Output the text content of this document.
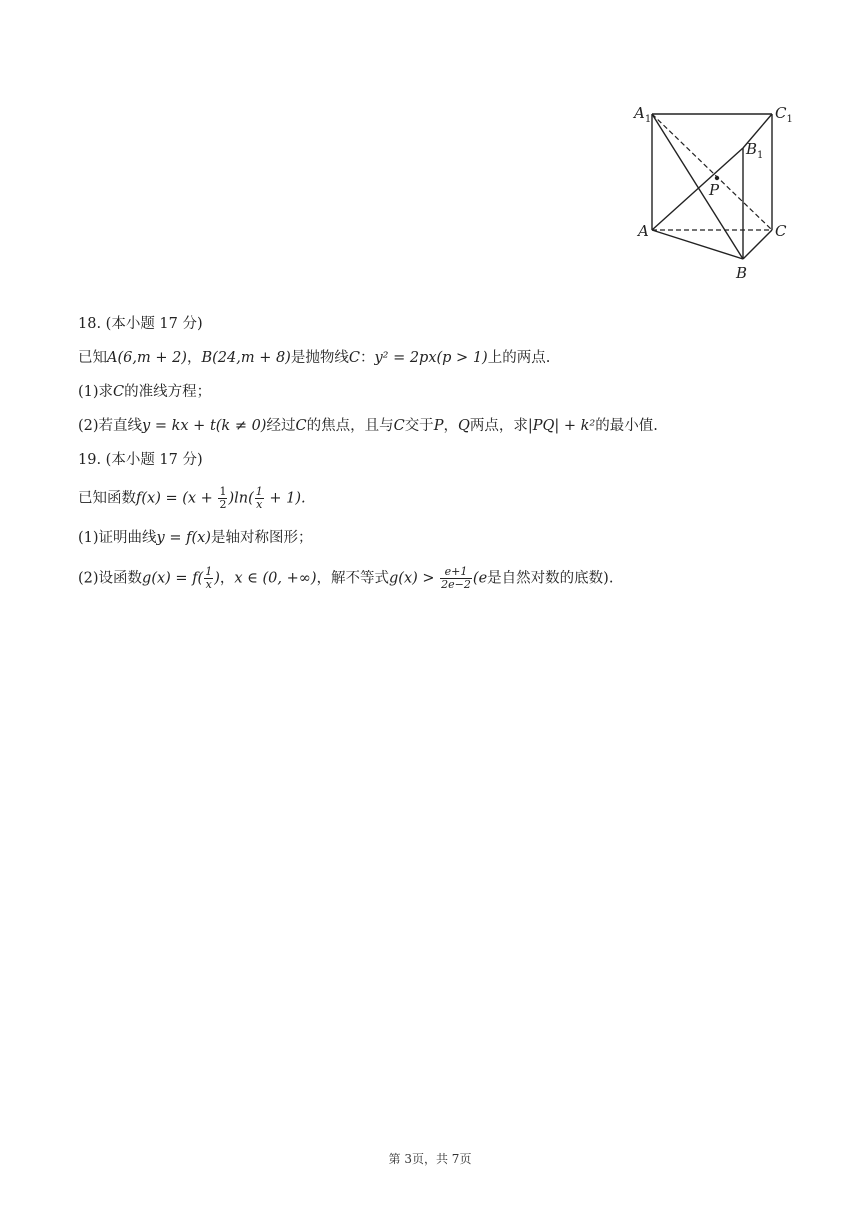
$A_1$	$C_1$
$B_1$
P
A	C
B
18. (本小题 17 分)
已知A(6,m + 2)，B(24,m + 8)是抛物线C：y² = 2px(p > 1)上的两点.
(1)求C的准线方程；
(2)若直线y = kx + t(k ≠ 0)经过C的焦点，且与C交于P，Q两点，求|PQ| + k²的最小值.
19. (本小题 17 分)
已知函数$f(x) = (x + \frac{1}{2} )\ln( \frac{1}{x} + 1)$.
(1)证明曲线y = f(x)是轴对称图形；
(2)设函数$g(x) = f( \frac{1}{x}$ )，x ∈ (0, +∞)，解不等式$g(x) > \frac{e+1}{2e-2} (e$是自然对数的底数).
第 3页，共 7页
